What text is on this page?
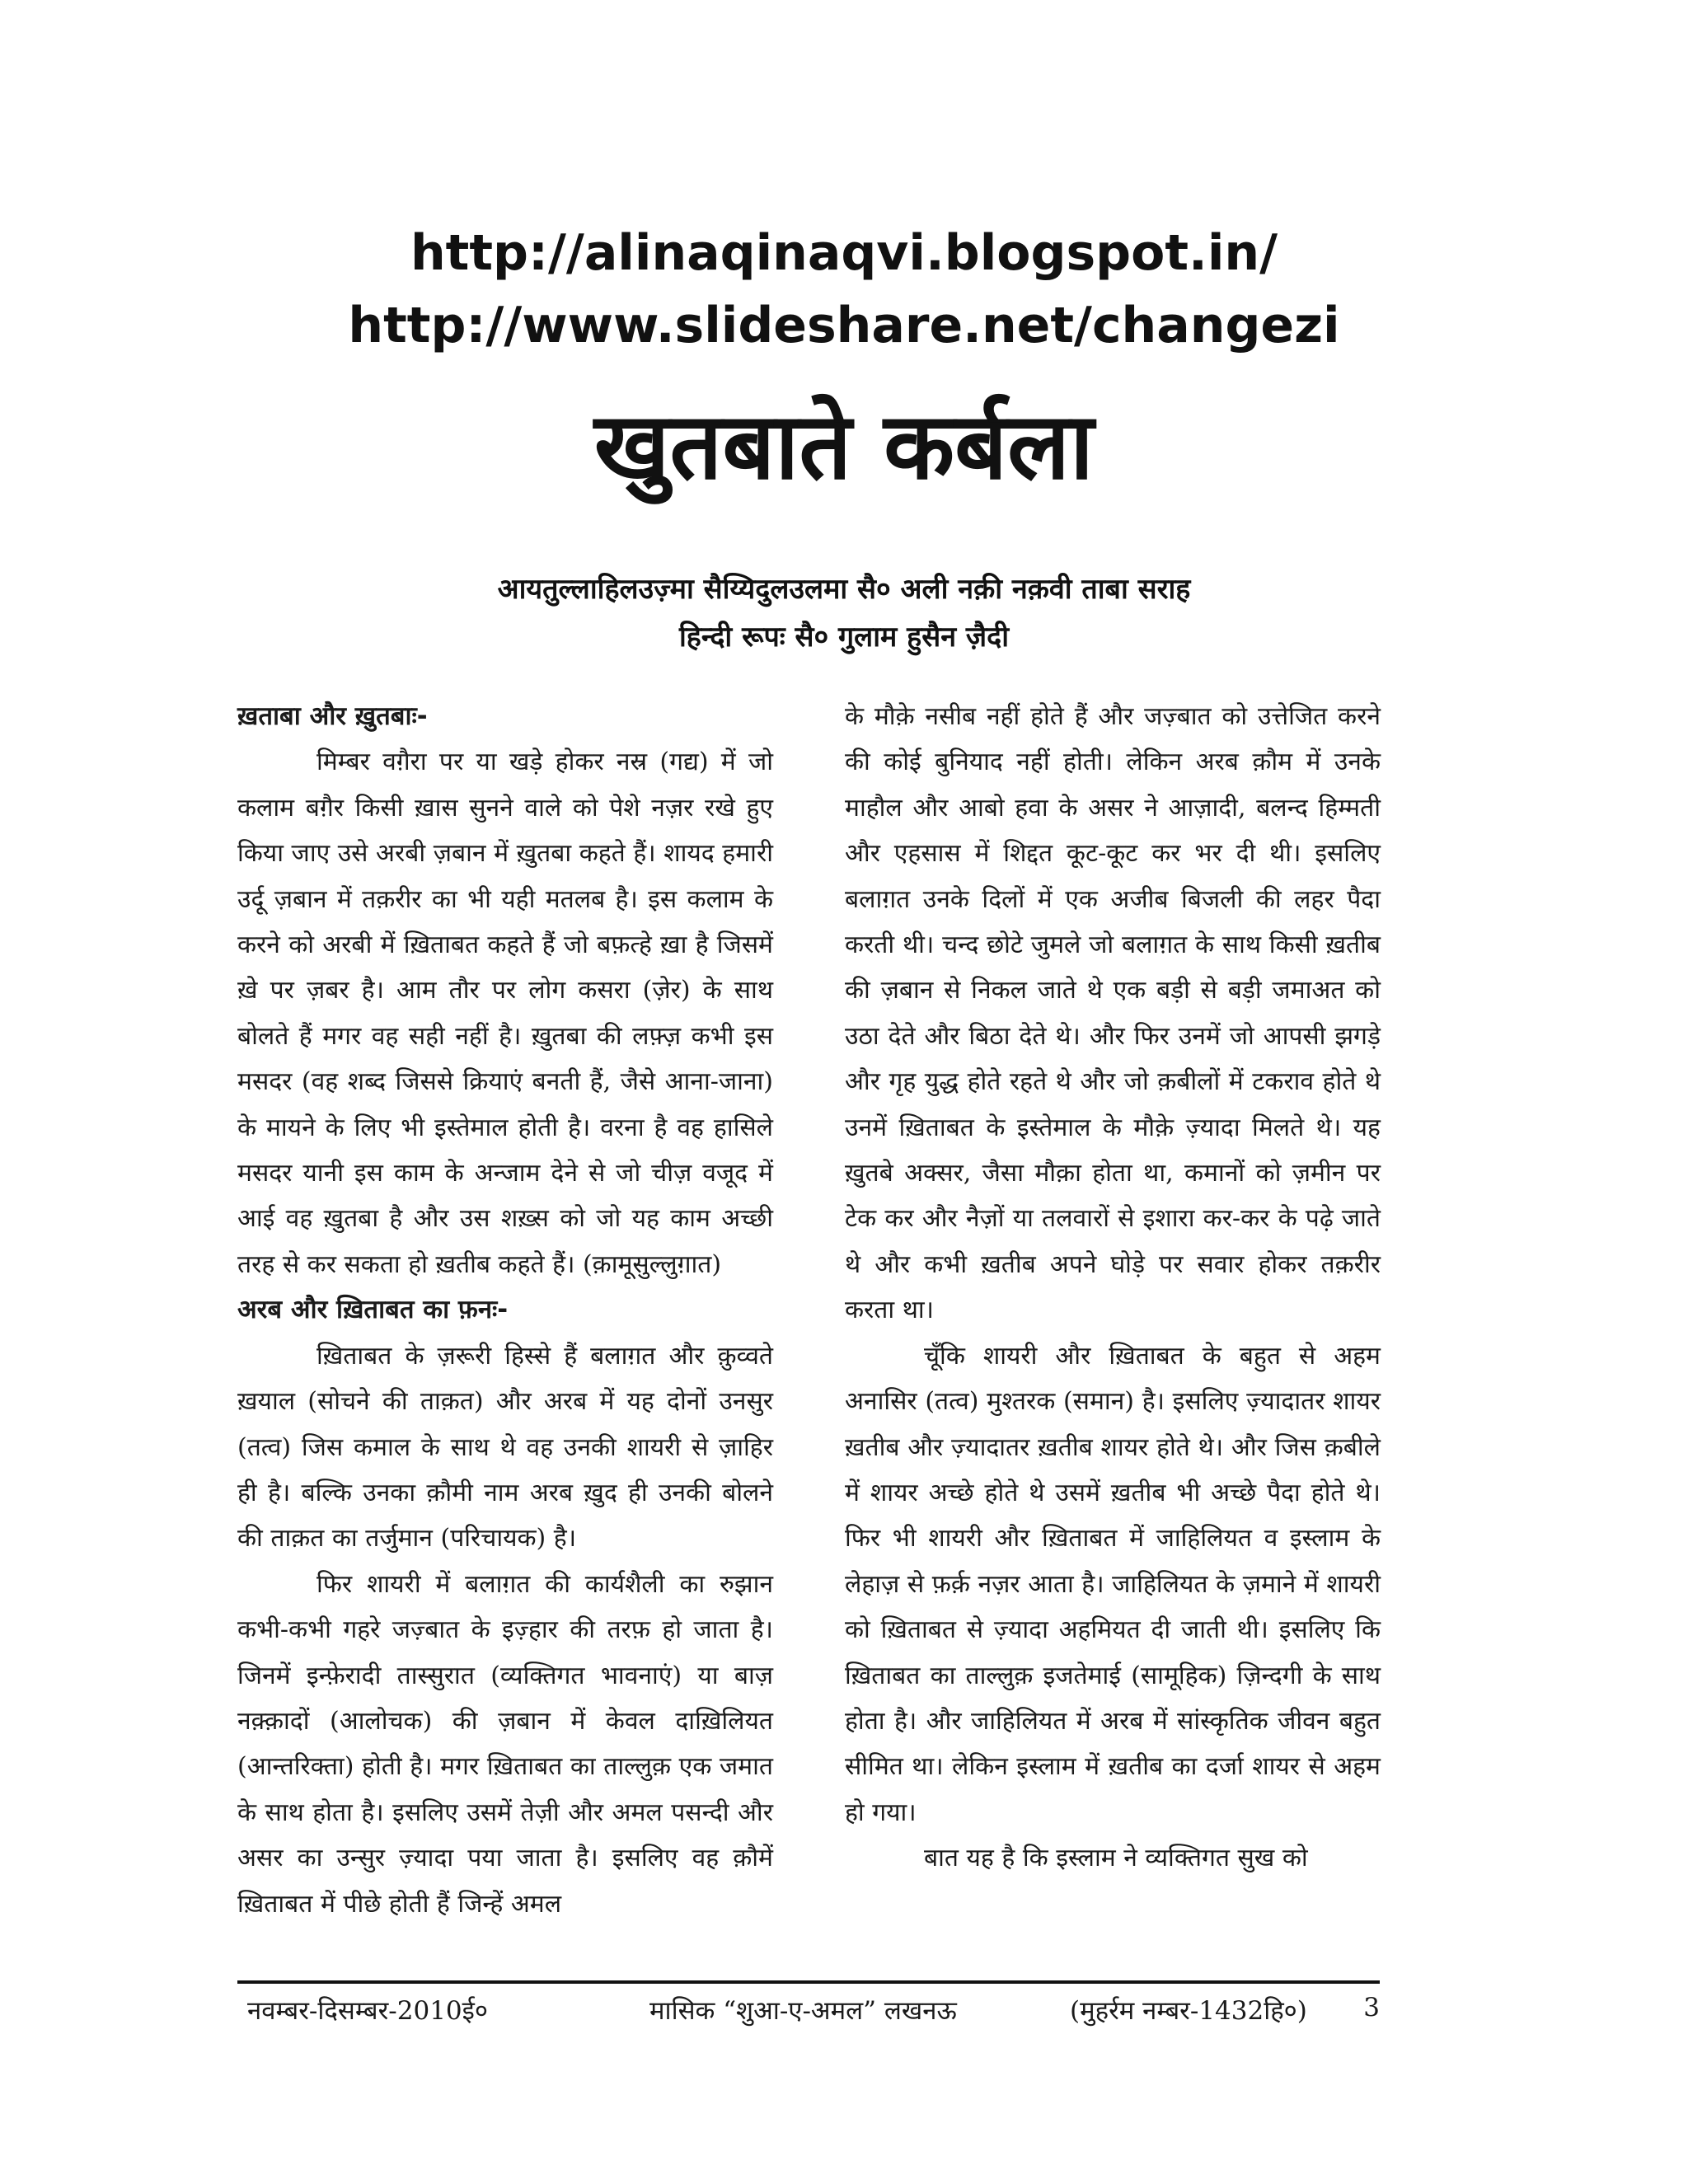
http://alinaqinaqvi.blogspot.in/
http://www.slideshare.net/changezi
खुतबाते कर्बला
आयतुल्लाहिलउज़्मा सैय्यिदुलउलमा सै० अली नक़ी नक़वी ताबा सराह
हिन्दी रूपः सै० गुलाम हुसैन ज़ैदी
ख़ताबा और ख़ुतबाः-

मिम्बर वग़ैरा पर या खड़े होकर नस्र (गद्य) में जो कलाम बग़ैर किसी ख़ास सुनने वाले को पेशे नज़र रखे हुए किया जाए उसे अरबी ज़बान में ख़ुतबा कहते हैं। शायद हमारी उर्दू ज़बान में तक़रीर का भी यही मतलब है। इस कलाम के करने को अरबी में ख़िताबत कहते हैं जो बफ़त्हे ख़ा है जिसमें ख़े पर ज़बर है। आम तौर पर लोग कसरा (ज़ेर) के साथ बोलते हैं मगर वह सही नहीं है। ख़ुतबा की लफ़्ज़ कभी इस मसदर (वह शब्द जिससे क्रियाएं बनती हैं, जैसे आना-जाना) के मायने के लिए भी इस्तेमाल होती है। वरना है वह हासिले मसदर यानी इस काम के अन्जाम देने से जो चीज़ वजूद में आई वह ख़ुतबा है और उस शख़्स को जो यह काम अच्छी तरह से कर सकता हो ख़तीब कहते हैं। (क़ामूसुल्लुग़ात)

अरब और ख़िताबत का फ़नः-

ख़िताबत के ज़रूरी हिस्से हैं बलाग़त और क़ुव्वते ख़याल (सोचने की ताक़त) और अरब में यह दोनों उनसुर (तत्व) जिस कमाल के साथ थे वह उनकी शायरी से ज़ाहिर ही है। बल्कि उनका क़ौमी नाम अरब ख़ुद ही उनकी बोलने की ताक़त का तर्जुमान (परिचायक) है।

फिर शायरी में बलाग़त की कार्यशैली का रुझान कभी-कभी गहरे जज़्बात के इज़्हार की तरफ़ हो जाता है। जिनमें इन्फ़ेरादी तास्सुरात (व्यक्तिगत भावनाएं) या बाज़ नक़्क़ादों (आलोचक) की ज़बान में केवल दाख़िलियत (आन्तरिक्ता) होती है। मगर ख़िताबत का ताल्लुक़ एक जमात के साथ होता है। इसलिए उसमें तेज़ी और अमल पसन्दी और असर का उन्सुर ज़्यादा पया जाता है। इसलिए वह क़ौमें ख़िताबत में पीछे होती हैं जिन्हें अमल

के मौक़े नसीब नहीं होते हैं और जज़्बात को उत्तेजित करने की कोई बुनियाद नहीं होती। लेकिन अरब क़ौम में उनके माहौल और आबो हवा के असर ने आज़ादी, बलन्द हिम्मती और एहसास में शिद्दत कूट-कूट कर भर दी थी। इसलिए बलाग़त उनके दिलों में एक अजीब बिजली की लहर पैदा करती थी। चन्द छोटे जुमले जो बलाग़त के साथ किसी ख़तीब की ज़बान से निकल जाते थे एक बड़ी से बड़ी जमाअत को उठा देते और बिठा देते थे। और फिर उनमें जो आपसी झगड़े और गृह युद्ध होते रहते थे और जो क़बीलों में टकराव होते थे उनमें ख़िताबत के इस्तेमाल के मौक़े ज़्यादा मिलते थे। यह ख़ुतबे अक्सर, जैसा मौक़ा होता था, कमानों को ज़मीन पर टेक कर और नैज़ों या तलवारों से इशारा कर-कर के पढ़े जाते थे और कभी ख़तीब अपने घोड़े पर सवार होकर तक़रीर करता था।

चूँकि शायरी और ख़िताबत के बहुत से अहम अनासिर (तत्व) मुश्तरक (समान) है। इसलिए ज़्यादातर शायर ख़तीब और ज़्यादातर ख़तीब शायर होते थे। और जिस क़बीले में शायर अच्छे होते थे उसमें ख़तीब भी अच्छे पैदा होते थे। फिर भी शायरी और ख़िताबत में जाहिलियत व इस्लाम के लेहाज़ से फ़र्क़ नज़र आता है। जाहिलियत के ज़माने में शायरी को ख़िताबत से ज़्यादा अहमियत दी जाती थी। इसलिए कि ख़िताबत का ताल्लुक़ इजतेमाई (सामूहिक) ज़िन्दगी के साथ होता है। और जाहिलियत में अरब में सांस्कृतिक जीवन बहुत सीमित था। लेकिन इस्लाम में ख़तीब का दर्जा शायर से अहम हो गया।

बात यह है कि इस्लाम ने व्यक्तिगत सुख को

नवम्बर-दिसम्बर-2010ई०	मासिक “शुआ-ए-अमल” लखनऊ	(मुहर्रम नम्बर-1432हि०) 3
